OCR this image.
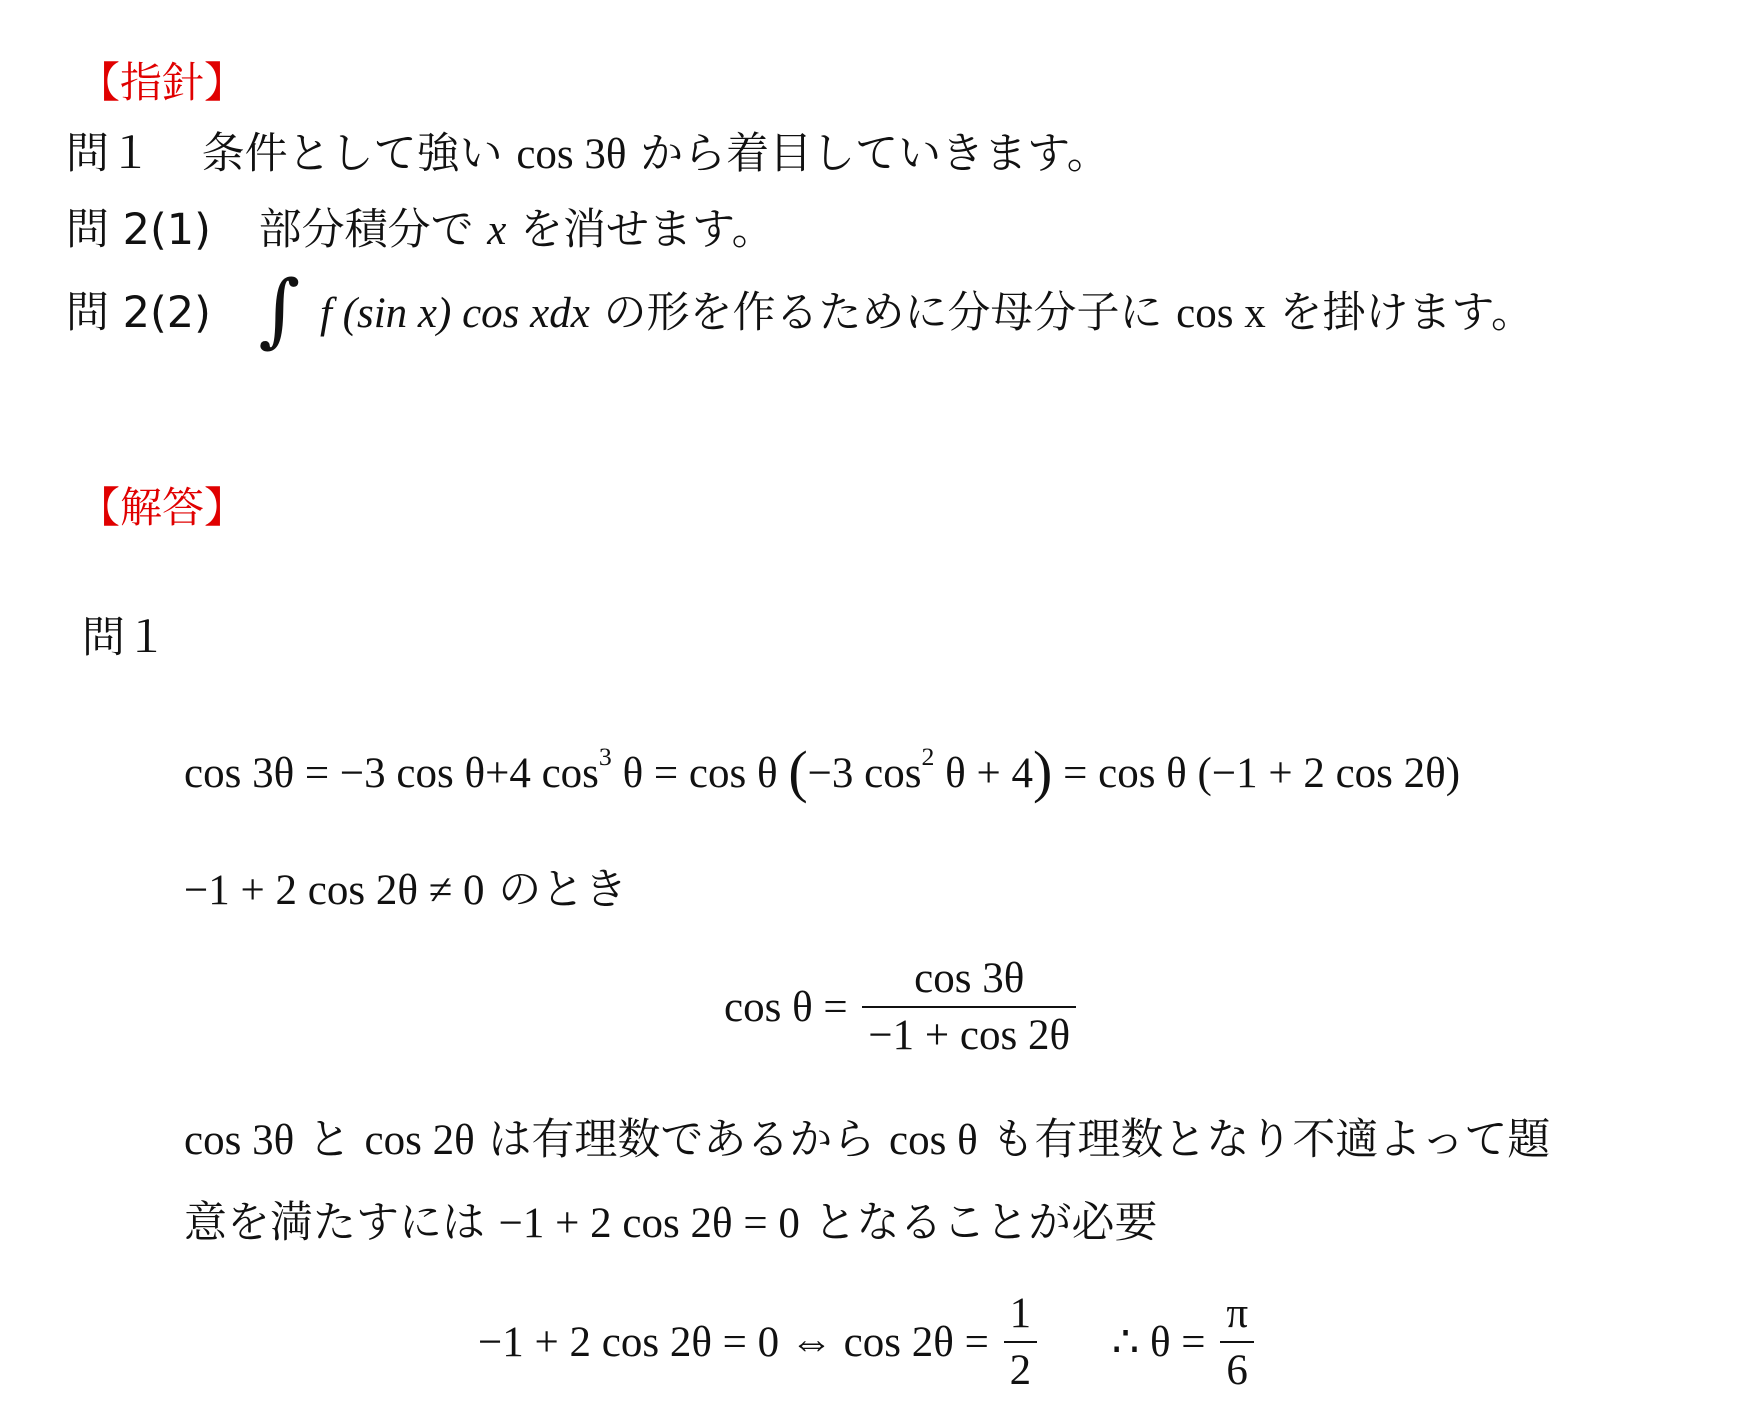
【指針】
問１ 条件として強い cos 3θ から着目していきます。
問 2(1) 部分積分で x を消せます。
問 2(2) ∫ f (sin x) cos xdx の形を作るために分母分子に cos x を掛けます。
【解答】
問１
cos 3θ = −3 cos θ+4 $\cos^3 \theta = \cos \theta$ (−3 $\cos^2 \theta + 4) = \cos \theta$ (−1 + 2 cos 2θ)
−1 + 2 cos 2θ ≠ 0 のとき
$\cos \theta = \frac{\cos 3\theta}{-1 + \cos 2\theta}$
cos 3θ と cos 2θ は有理数であるから cos θ も有理数となり不適よって題
意を満たすには −1 + 2 cos 2θ = 0 となることが必要
−1 + 2 cos 2θ = 0 ⇔ $\cos 2\theta = \frac{1}{2}$ ∴ $\theta = \frac{\pi}{6}$
